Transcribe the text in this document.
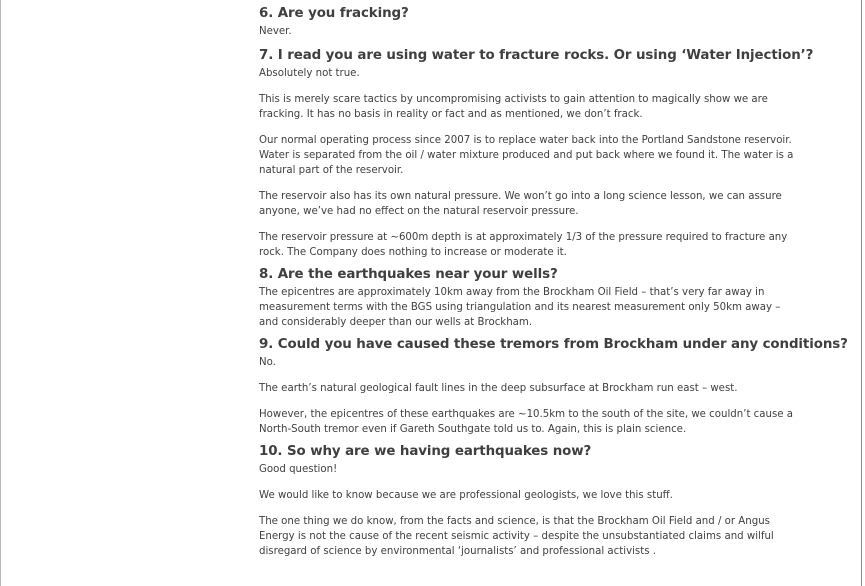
6. Are you fracking?

Never.

7. I read you are using water to fracture rocks. Or using ‘Water Injection’?

Absolutely not true.

This is merely scare tactics by uncompromising activists to gain attention to magically show we are fracking. It has no basis in reality or fact and as mentioned, we don’t frack.

Our normal operating process since 2007 is to replace water back into the Portland Sandstone reservoir. Water is separated from the oil / water mixture produced and put back where we found it. The water is a natural part of the reservoir.

The reservoir also has its own natural pressure. We won’t go into a long science lesson, we can assure anyone, we’ve had no effect on the natural reservoir pressure.

The reservoir pressure at ~600m depth is at approximately 1/3 of the pressure required to fracture any rock. The Company does nothing to increase or moderate it.

8. Are the earthquakes near your wells?

The epicentres are approximately 10km away from the Brockham Oil Field – that’s very far away in measurement terms with the BGS using triangulation and its nearest measurement only 50km away – and considerably deeper than our wells at Brockham.

9. Could you have caused these tremors from Brockham under any conditions?

No.

The earth’s natural geological fault lines in the deep subsurface at Brockham run east – west.

However, the epicentres of these earthquakes are ~10.5km to the south of the site, we couldn’t cause a North-South tremor even if Gareth Southgate told us to. Again, this is plain science.

10. So why are we having earthquakes now?

Good question!

We would like to know because we are professional geologists, we love this stuff.

The one thing we do know, from the facts and science, is that the Brockham Oil Field and / or Angus Energy is not the cause of the recent seismic activity – despite the unsubstantiated claims and wilful disregard of science by environmental ‘journalists’ and professional activists .
